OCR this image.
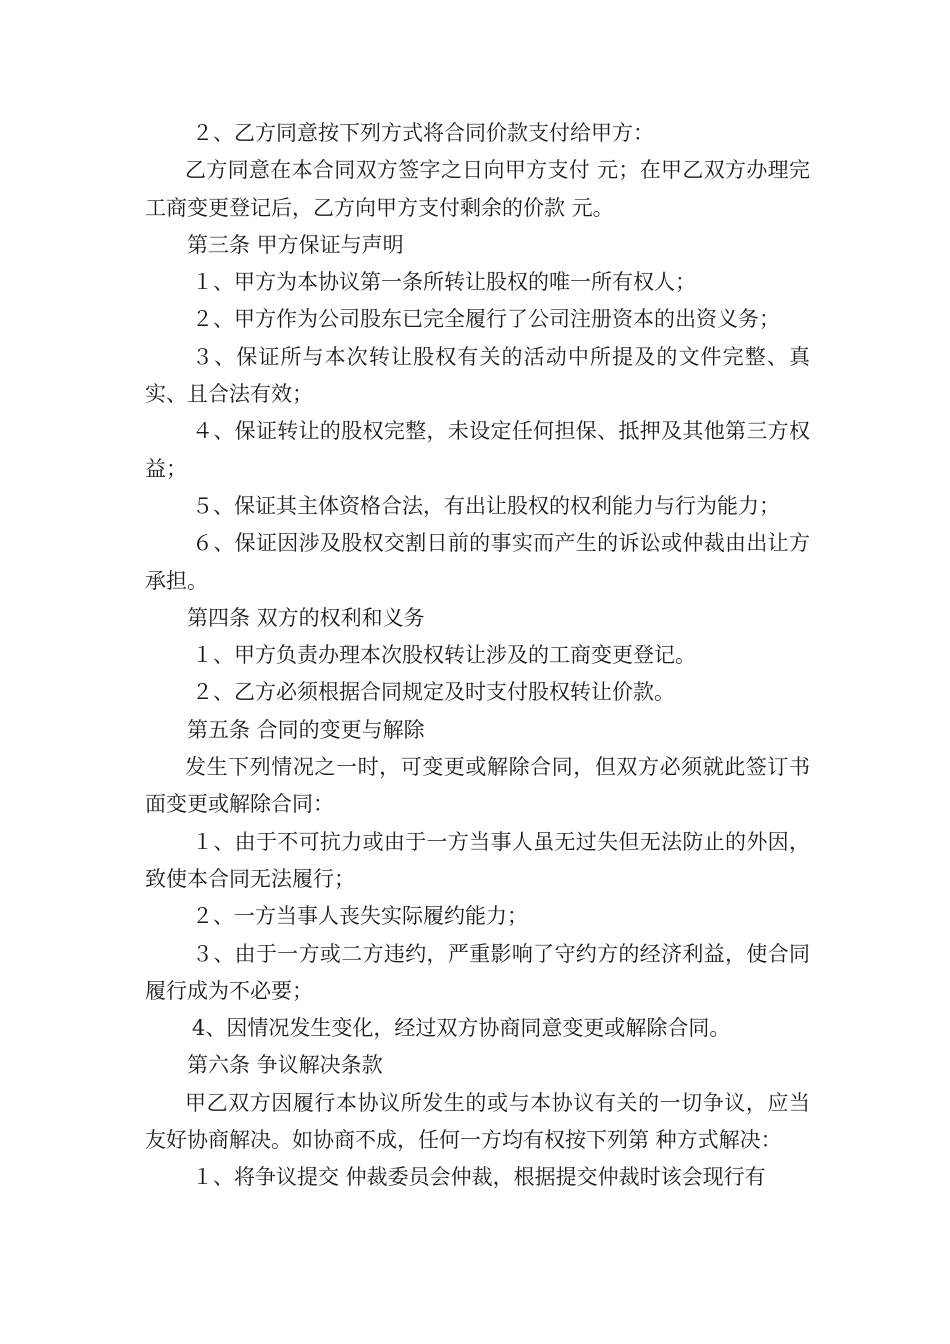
２、乙方同意按下列方式将合同价款支付给甲方：

乙方同意在本合同双方签字之日向甲方支付 元；在甲乙双方办理完工商变更登记后，乙方向甲方支付剩余的价款 元。

第三条 甲方保证与声明

１、甲方为本协议第一条所转让股权的唯一所有权人；

２、甲方作为公司股东已完全履行了公司注册资本的出资义务；

３、保证所与本次转让股权有关的活动中所提及的文件完整、真实、且合法有效；

４、保证转让的股权完整，未设定任何担保、抵押及其他第三方权益；

５、保证其主体资格合法，有出让股权的权利能力与行为能力；

６、保证因涉及股权交割日前的事实而产生的诉讼或仲裁由出让方承担。

第四条 双方的权利和义务

１、甲方负责办理本次股权转让涉及的工商变更登记。

２、乙方必须根据合同规定及时支付股权转让价款。

第五条 合同的变更与解除

发生下列情况之一时，可变更或解除合同，但双方必须就此签订书面变更或解除合同：

１、由于不可抗力或由于一方当事人虽无过失但无法防止的外因，致使本合同无法履行；

２、一方当事人丧失实际履约能力；

３、由于一方或二方违约，严重影响了守约方的经济利益，使合同履行成为不必要；

4、因情况发生变化，经过双方协商同意变更或解除合同。

第六条 争议解决条款

甲乙双方因履行本协议所发生的或与本协议有关的一切争议，应当友好协商解决。如协商不成，任何一方均有权按下列第 种方式解决：

１、将争议提交 仲裁委员会仲裁，根据提交仲裁时该会现行有
